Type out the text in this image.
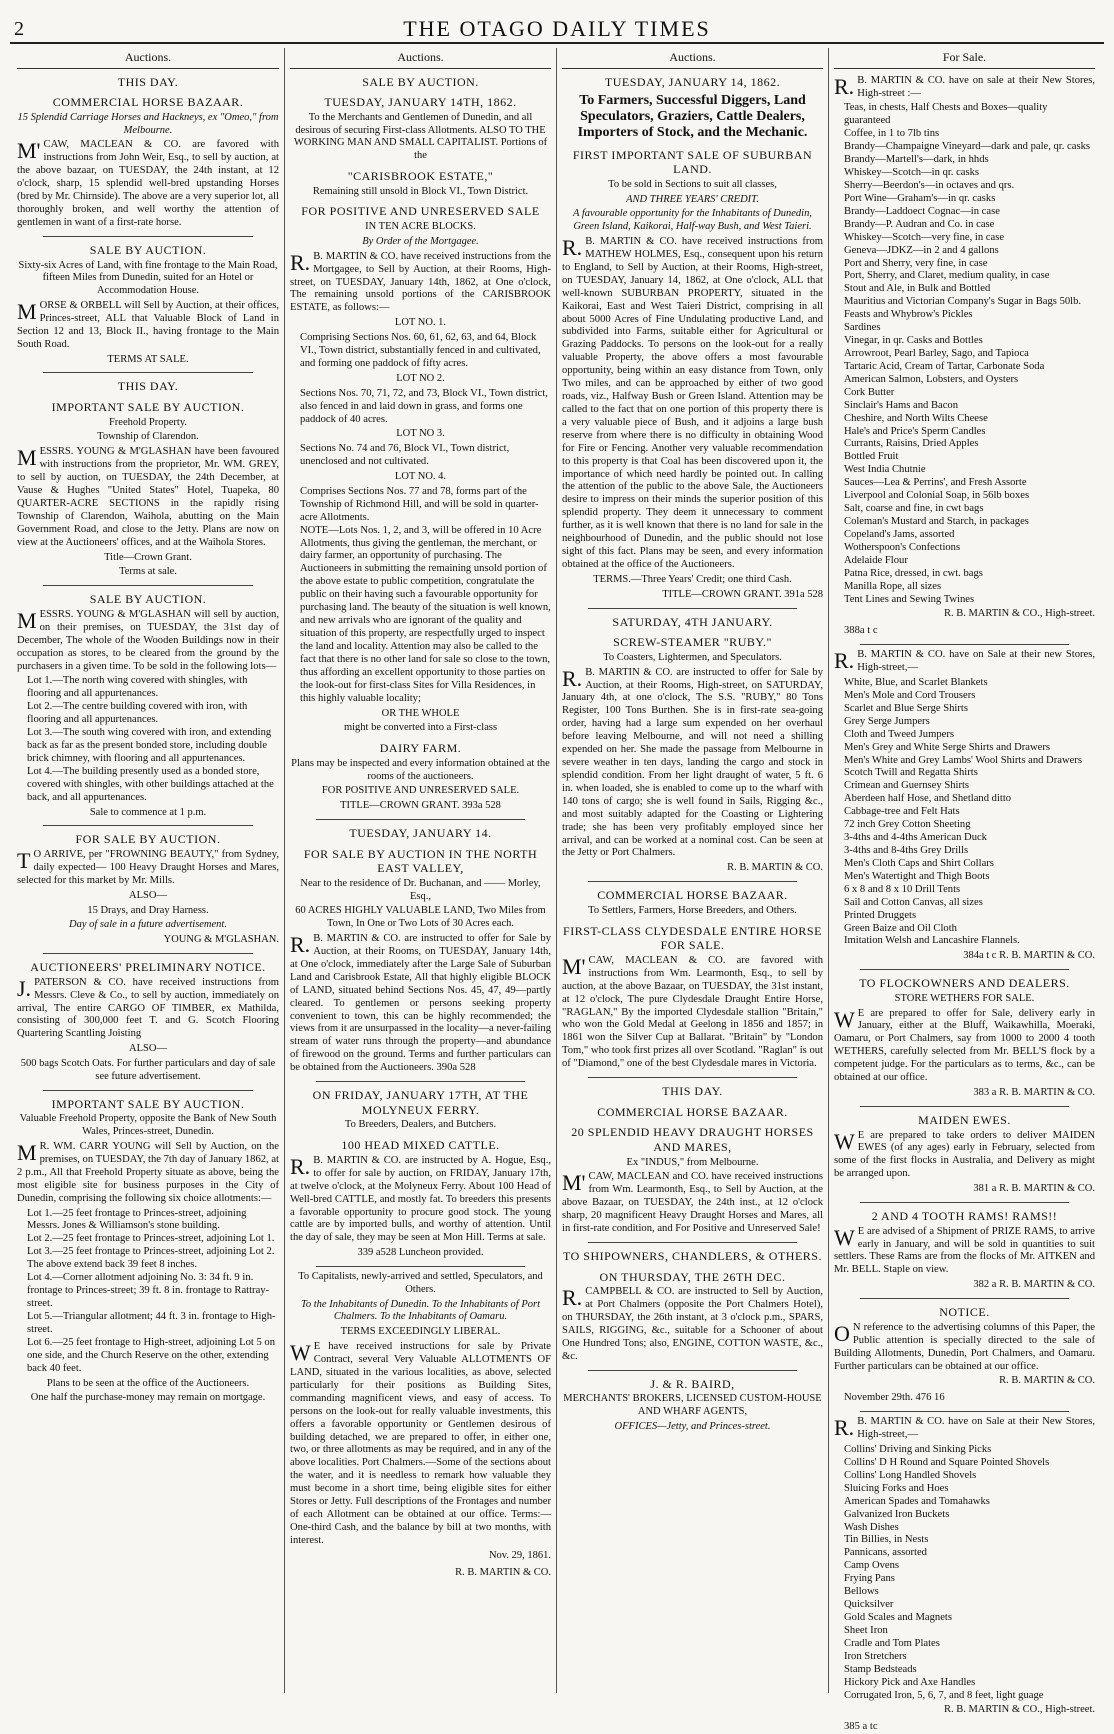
2	THE OTAGO DAILY TIMES
Auctions.
THIS DAY.
COMMERCIAL HORSE BAZAAR.
15 Splendid Carriage Horses and Hackneys, ex "Omeo," from Melbourne.
M'CAW, MACLEAN & CO. are favored with instructions from John Weir, Esq., to sell by auction, at the above bazaar, on TUESDAY, the 24th instant, at 12 o'clock, sharp, 15 splendid well-bred upstanding Horses (bred by Mr. Chirnside). The above are a very superior lot, all thoroughly broken, and well worthy the attention of gentlemen in want of a first-rate horse.
SALE BY AUCTION.
Sixty-six Acres of Land, with fine frontage to the Main Road, fifteen Miles from Dunedin, suited for an Hotel or Accommodation House.
MORSE & ORBELL will Sell by Auction, at their offices, Princes-street, ALL that Valuable Block of Land in Section 12 and 13, Block II., having frontage to the Main South Road.
TERMS AT SALE.
THIS DAY.
IMPORTANT SALE BY AUCTION.
Freehold Property.
Township of Clarendon.
MESSRS. YOUNG & M'GLASHAN have been favoured with instructions from the proprietor, Mr. WM. GREY, to sell by auction, on TUESDAY, the 24th December, at Vause & Hughes "United States" Hotel, Tuapeka, 80 QUARTER-ACRE SECTIONS in the rapidly rising Township of Clarendon, Waihola, abutting on the Main Government Road, and close to the Jetty. Plans are now on view at the Auctioneers' offices, and at the Waihola Stores.
Title—Crown Grant.
Terms at sale.
SALE BY AUCTION.
MESSRS. YOUNG & M'GLASHAN will sell by auction, on their premises, on TUESDAY, the 31st day of December, The whole of the Wooden Buildings now in their occupation as stores, to be cleared from the ground by the purchasers in a given time. To be sold in the following lots—
Lot 1.—The north wing covered with shingles, with flooring and all appurtenances.
Lot 2.—The centre building covered with iron, with flooring and all appurtenances.
Lot 3.—The south wing covered with iron, and extending back as far as the present bonded store, including double brick chimney, with flooring and all appurtenances.
Lot 4.—The building presently used as a bonded store, covered with shingles, with other buildings attached at the back, and all appurtenances.
Sale to commence at 1 p.m.
FOR SALE BY AUCTION.
TO ARRIVE, per "FROWNING BEAUTY," from Sydney, daily expected— 100 Heavy Draught Horses and Mares, selected for this market by Mr. Mills.
ALSO—
15 Drays, and Dray Harness.
Day of sale in a future advertisement.
YOUNG & M'GLASHAN.
AUCTIONEERS' PRELIMINARY NOTICE.
J.PATERSON & CO. have received instructions from Messrs. Cleve & Co., to sell by auction, immediately on arrival, The entire CARGO OF TIMBER, ex Mathilda, consisting of 300,000 feet T. and G. Scotch Flooring Quartering Scantling Joisting
ALSO—
500 bags Scotch Oats. For further particulars and day of sale see future advertisement.
IMPORTANT SALE BY AUCTION.
Valuable Freehold Property, opposite the Bank of New South Wales, Princes-street, Dunedin.
MR. WM. CARR YOUNG will Sell by Auction, on the premises, on TUESDAY, the 7th day of January 1862, at 2 p.m., All that Freehold Property situate as above, being the most eligible site for business purposes in the City of Dunedin, comprising the following six choice allotments:—
Lot 1.—25 feet frontage to Princes-street, adjoining Messrs. Jones & Williamson's stone building.
Lot 2.—25 feet frontage to Princes-street, adjoining Lot 1.
Lot 3.—25 feet frontage to Princes-street, adjoining Lot 2.
The above extend back 39 feet 8 inches.
Lot 4.—Corner allotment adjoining No. 3: 34 ft. 9 in. frontage to Princes-street; 39 ft. 8 in. frontage to Rattray-street.
Lot 5.—Triangular allotment; 44 ft. 3 in. frontage to High-street.
Lot 6.—25 feet frontage to High-street, adjoining Lot 5 on one side, and the Church Reserve on the other, extending back 40 feet.
Plans to be seen at the office of the Auctioneers.
One half the purchase-money may remain on mortgage.
Auctions.
SALE BY AUCTION.
TUESDAY, JANUARY 14TH, 1862.
To the Merchants and Gentlemen of Dunedin, and all desirous of securing First-class Allotments. ALSO TO THE WORKING MAN AND SMALL CAPITALIST. Portions of the
"CARISBROOK ESTATE,"
Remaining still unsold in Block VI., Town District.
FOR POSITIVE AND UNRESERVED SALE
IN TEN ACRE BLOCKS.
By Order of the Mortgagee.
R.B. MARTIN & CO. have received instructions from the Mortgagee, to Sell by Auction, at their Rooms, High-street, on TUESDAY, January 14th, 1862, at One o'clock, The remaining unsold portions of the CARISBROOK ESTATE, as follows:—
LOT NO. 1.
Comprising Sections Nos. 60, 61, 62, 63, and 64, Block VI., Town district, substantially fenced in and cultivated, and forming one paddock of fifty acres.
LOT NO 2.
Sections Nos. 70, 71, 72, and 73, Block VI., Town district, also fenced in and laid down in grass, and forms one paddock of 40 acres.
LOT NO 3.
Sections No. 74 and 76, Block VI., Town district, unenclosed and not cultivated.
LOT NO. 4.
Comprises Sections Nos. 77 and 78, forms part of the Township of Richmond Hill, and will be sold in quarter-acre Allotments.
NOTE—Lots Nos. 1, 2, and 3, will be offered in 10 Acre Allotments, thus giving the gentleman, the merchant, or dairy farmer, an opportunity of purchasing. The Auctioneers in submitting the remaining unsold portion of the above estate to public competition, congratulate the public on their having such a favourable opportunity for purchasing land. The beauty of the situation is well known, and new arrivals who are ignorant of the quality and situation of this property, are respectfully urged to inspect the land and locality. Attention may also be called to the fact that there is no other land for sale so close to the town, thus affording an excellent opportunity to those parties on the look-out for first-class Sites for Villa Residences, in this highly valuable locality;
OR THE WHOLE
might be converted into a First-class
DAIRY FARM.
Plans may be inspected and every information obtained at the rooms of the auctioneers.
FOR POSITIVE AND UNRESERVED SALE.
TITLE—CROWN GRANT. 393a 528
TUESDAY, JANUARY 14.
FOR SALE BY AUCTION IN THE NORTH EAST VALLEY,
Near to the residence of Dr. Buchanan, and —— Morley, Esq.,
60 ACRES HIGHLY VALUABLE LAND, Two Miles from Town, In One or Two Lots of 30 Acres each.
R.B. MARTIN & CO. are instructed to offer for Sale by Auction, at their Rooms, on TUESDAY, January 14th, at One o'clock, immediately after the Large Sale of Suburban Land and Carisbrook Estate, All that highly eligible BLOCK of LAND, situated behind Sections Nos. 45, 47, 49—partly cleared. To gentlemen or persons seeking property convenient to town, this can be highly recommended; the views from it are unsurpassed in the locality—a never-failing stream of water runs through the property—and abundance of firewood on the ground. Terms and further particulars can be obtained from the Auctioneers. 390a 528
ON FRIDAY, JANUARY 17TH, AT THE MOLYNEUX FERRY.
To Breeders, Dealers, and Butchers.
100 HEAD MIXED CATTLE.
R.B. MARTIN & CO. are instructed by A. Hogue, Esq., to offer for sale by auction, on FRIDAY, January 17th, at twelve o'clock, at the Molyneux Ferry. About 100 Head of Well-bred CATTLE, and mostly fat. To breeders this presents a favorable opportunity to procure good stock. The young cattle are by imported bulls, and worthy of attention. Until the day of sale, they may be seen at Mon Hill. Terms at sale.
339 a528 Luncheon provided.
To Capitalists, newly-arrived and settled, Speculators, and Others.
To the Inhabitants of Dunedin. To the Inhabitants of Port Chalmers. To the Inhabitants of Oamaru.
TERMS EXCEEDINGLY LIBERAL.
WE have received instructions for sale by Private Contract, several Very Valuable ALLOTMENTS OF LAND, situated in the various localities, as above, selected particularly for their positions as Building Sites, commanding magnificent views, and easy of access. To persons on the look-out for really valuable investments, this offers a favorable opportunity or Gentlemen desirous of building detached, we are prepared to offer, in either one, two, or three allotments as may be required, and in any of the above localities. Port Chalmers.—Some of the sections about the water, and it is needless to remark how valuable they must become in a short time, being eligible sites for either Stores or Jetty. Full descriptions of the Frontages and number of each Allotment can be obtained at our office. Terms:—One-third Cash, and the balance by bill at two months, with interest.
Nov. 29, 1861.
R. B. MARTIN & CO.
Auctions.
TUESDAY, JANUARY 14, 1862.
To Farmers, Successful Diggers, Land Speculators, Graziers, Cattle Dealers, Importers of Stock, and the Mechanic.
FIRST IMPORTANT SALE OF SUBURBAN LAND.
To be sold in Sections to suit all classes,
AND THREE YEARS' CREDIT.
A favourable opportunity for the Inhabitants of Dunedin, Green Island, Kaikorai, Half-way Bush, and West Taieri.
R.B. MARTIN & CO. have received instructions from MATHEW HOLMES, Esq., consequent upon his return to England, to Sell by Auction, at their Rooms, High-street, on TUESDAY, January 14, 1862, at One o'clock, ALL that well-known SUBURBAN PROPERTY, situated in the Kaikorai, East and West Taieri District, comprising in all about 5000 Acres of Fine Undulating productive Land, and subdivided into Farms, suitable either for Agricultural or Grazing Paddocks. To persons on the look-out for a really valuable Property, the above offers a most favourable opportunity, being within an easy distance from Town, only Two miles, and can be approached by either of two good roads, viz., Halfway Bush or Green Island. Attention may be called to the fact that on one portion of this property there is a very valuable piece of Bush, and it adjoins a large bush reserve from where there is no difficulty in obtaining Wood for Fire or Fencing. Another very valuable recommendation to this property is that Coal has been discovered upon it, the importance of which need hardly be pointed out. In calling the attention of the public to the above Sale, the Auctioneers desire to impress on their minds the superior position of this splendid property. They deem it unnecessary to comment further, as it is well known that there is no land for sale in the neighbourhood of Dunedin, and the public should not lose sight of this fact. Plans may be seen, and every information obtained at the office of the Auctioneers.
TERMS.—Three Years' Credit; one third Cash.
TITLE—CROWN GRANT. 391a 528
SATURDAY, 4TH JANUARY.
SCREW-STEAMER "RUBY."
To Coasters, Lightermen, and Speculators.
R.B. MARTIN & CO. are instructed to offer for Sale by Auction, at their Rooms, High-street, on SATURDAY, January 4th, at one o'clock, The S.S. "RUBY," 80 Tons Register, 100 Tons Burthen. She is in first-rate sea-going order, having had a large sum expended on her overhaul before leaving Melbourne, and will not need a shilling expended on her. She made the passage from Melbourne in severe weather in ten days, landing the cargo and stock in splendid condition. From her light draught of water, 5 ft. 6 in. when loaded, she is enabled to come up to the wharf with 140 tons of cargo; she is well found in Sails, Rigging &c., and most suitably adapted for the Coasting or Lightering trade; she has been very profitably employed since her arrival, and can be worked at a nominal cost. Can be seen at the Jetty or Port Chalmers.
R. B. MARTIN & CO.
COMMERCIAL HORSE BAZAAR.
To Settlers, Farmers, Horse Breeders, and Others.
FIRST-CLASS CLYDESDALE ENTIRE HORSE FOR SALE.
M'CAW, MACLEAN & CO. are favored with instructions from Wm. Learmonth, Esq., to sell by auction, at the above Bazaar, on TUESDAY, the 31st instant, at 12 o'clock, The pure Clydesdale Draught Entire Horse, "RAGLAN," By the imported Clydesdale stallion "Britain," who won the Gold Medal at Geelong in 1856 and 1857; in 1861 won the Silver Cup at Ballarat. "Britain" by "London Tom," who took first prizes all over Scotland. "Raglan" is out of "Diamond," one of the best Clydesdale mares in Victoria.
THIS DAY.
COMMERCIAL HORSE BAZAAR.
20 SPLENDID HEAVY DRAUGHT HORSES AND MARES,
Ex "INDUS," from Melbourne.
M'CAW, MACLEAN and CO. have received instructions from Wm. Learmonth, Esq., to Sell by Auction, at the above Bazaar, on TUESDAY, the 24th inst., at 12 o'clock sharp, 20 magnificent Heavy Draught Horses and Mares, all in first-rate condition, and For Positive and Unreserved Sale!
TO SHIPOWNERS, CHANDLERS, & OTHERS.
ON THURSDAY, THE 26TH DEC.
R.CAMPBELL & CO. are instructed to Sell by Auction, at Port Chalmers (opposite the Port Chalmers Hotel), on THURSDAY, the 26th instant, at 3 o'clock p.m., SPARS, SAILS, RIGGING, &c., suitable for a Schooner of about One Hundred Tons; also, ENGINE, COTTON WASTE, &c., &c.
J. & R. BAIRD,
MERCHANTS' BROKERS, LICENSED CUSTOM-HOUSE AND WHARF AGENTS,
OFFICES—Jetty, and Princes-street.
For Sale.
R.B. MARTIN & CO. have on sale at their New Stores, High-street :—
Teas, in chests, Half Chests and Boxes—quality guaranteed
Coffee, in 1 to 7lb tins
Brandy—Champaigne Vineyard—dark and pale, qr. casks
Brandy—Martell's—dark, in hhds
Whiskey—Scotch—in qr. casks
Sherry—Beerdon's—in octaves and qrs.
Port Wine—Graham's—in qr. casks
Brandy—Laddoect Cognac—in case
Brandy—P. Audran and Co. in case
Whiskey—Scotch—very fine, in case
Geneva—JDKZ—in 2 and 4 gallons
Port and Sherry, very fine, in case
Port, Sherry, and Claret, medium quality, in case
Stout and Ale, in Bulk and Bottled
Mauritius and Victorian Company's Sugar in Bags 50lb.
Feasts and Whybrow's Pickles
Sardines
Vinegar, in qr. Casks and Bottles
Arrowroot, Pearl Barley, Sago, and Tapioca
Tartaric Acid, Cream of Tartar, Carbonate Soda
American Salmon, Lobsters, and Oysters
Cork Butter
Sinclair's Hams and Bacon
Cheshire, and North Wilts Cheese
Hale's and Price's Sperm Candles
Currants, Raisins, Dried Apples
Bottled Fruit
West India Chutnie
Sauces—Lea & Perrins', and Fresh Assorte
Liverpool and Colonial Soap, in 56lb boxes
Salt, coarse and fine, in cwt bags
Coleman's Mustard and Starch, in packages
Copeland's Jams, assorted
Wotherspoon's Confections
Adelaide Flour
Patna Rice, dressed, in cwt. bags
Manilla Rope, all sizes
Tent Lines and Sewing Twines
R. B. MARTIN & CO., High-street.
388a t c
R.B. MARTIN & CO. have on Sale at their new Stores, High-street,—
White, Blue, and Scarlet Blankets
Men's Mole and Cord Trousers
Scarlet and Blue Serge Shirts
Grey Serge Jumpers
Cloth and Tweed Jumpers
Men's Grey and White Serge Shirts and Drawers
Men's White and Grey Lambs' Wool Shirts and Drawers
Scotch Twill and Regatta Shirts
Crimean and Guernsey Shirts
Aberdeen half Hose, and Shetland ditto
Cabbage-tree and Felt Hats
72 inch Grey Cotton Sheeting
3-4ths and 4-4ths American Duck
3-4ths and 8-4ths Grey Drills
Men's Cloth Caps and Shirt Collars
Men's Watertight and Thigh Boots
6 x 8 and 8 x 10 Drill Tents
Sail and Cotton Canvas, all sizes
Printed Druggets
Green Baize and Oil Cloth
Imitation Welsh and Lancashire Flannels.
384a t c R. B. MARTIN & CO.
TO FLOCKOWNERS AND DEALERS.
STORE WETHERS FOR SALE.
WE are prepared to offer for Sale, delivery early in January, either at the Bluff, Waikawhilla, Moeraki, Oamaru, or Port Chalmers, say from 1000 to 2000 4 tooth WETHERS, carefully selected from Mr. BELL'S flock by a competent judge. For the particulars as to terms, &c., can be obtained at our office.
383 a R. B. MARTIN & CO.
MAIDEN EWES.
WE are prepared to take orders to deliver MAIDEN EWES (of any ages) early in February, selected from some of the first flocks in Australia, and Delivery as might be arranged upon.
381 a R. B. MARTIN & CO.
2 AND 4 TOOTH RAMS! RAMS!!
WE are advised of a Shipment of PRIZE RAMS, to arrive early in January, and will be sold in quantities to suit settlers. These Rams are from the flocks of Mr. AITKEN and Mr. BELL. Staple on view.
382 a R. B. MARTIN & CO.
NOTICE.
ON reference to the advertising columns of this Paper, the Public attention is specially directed to the sale of Building Allotments, Dunedin, Port Chalmers, and Oamaru. Further particulars can be obtained at our office.
R. B. MARTIN & CO.
November 29th. 476 16
R.B. MARTIN & CO. have on Sale at their New Stores, High-street,—
Collins' Driving and Sinking Picks
Collins' D H Round and Square Pointed Shovels
Collins' Long Handled Shovels
Sluicing Forks and Hoes
American Spades and Tomahawks
Galvanized Iron Buckets
Wash Dishes
Tin Billies, in Nests
Pannicans, assorted
Camp Ovens
Frying Pans
Bellows
Quicksilver
Gold Scales and Magnets
Sheet Iron
Cradle and Tom Plates
Iron Stretchers
Stamp Bedsteads
Hickory Pick and Axe Handles
Corrugated Iron, 5, 6, 7, and 8 feet, light guage
R. B. MARTIN & CO., High-street.
385 a tc
